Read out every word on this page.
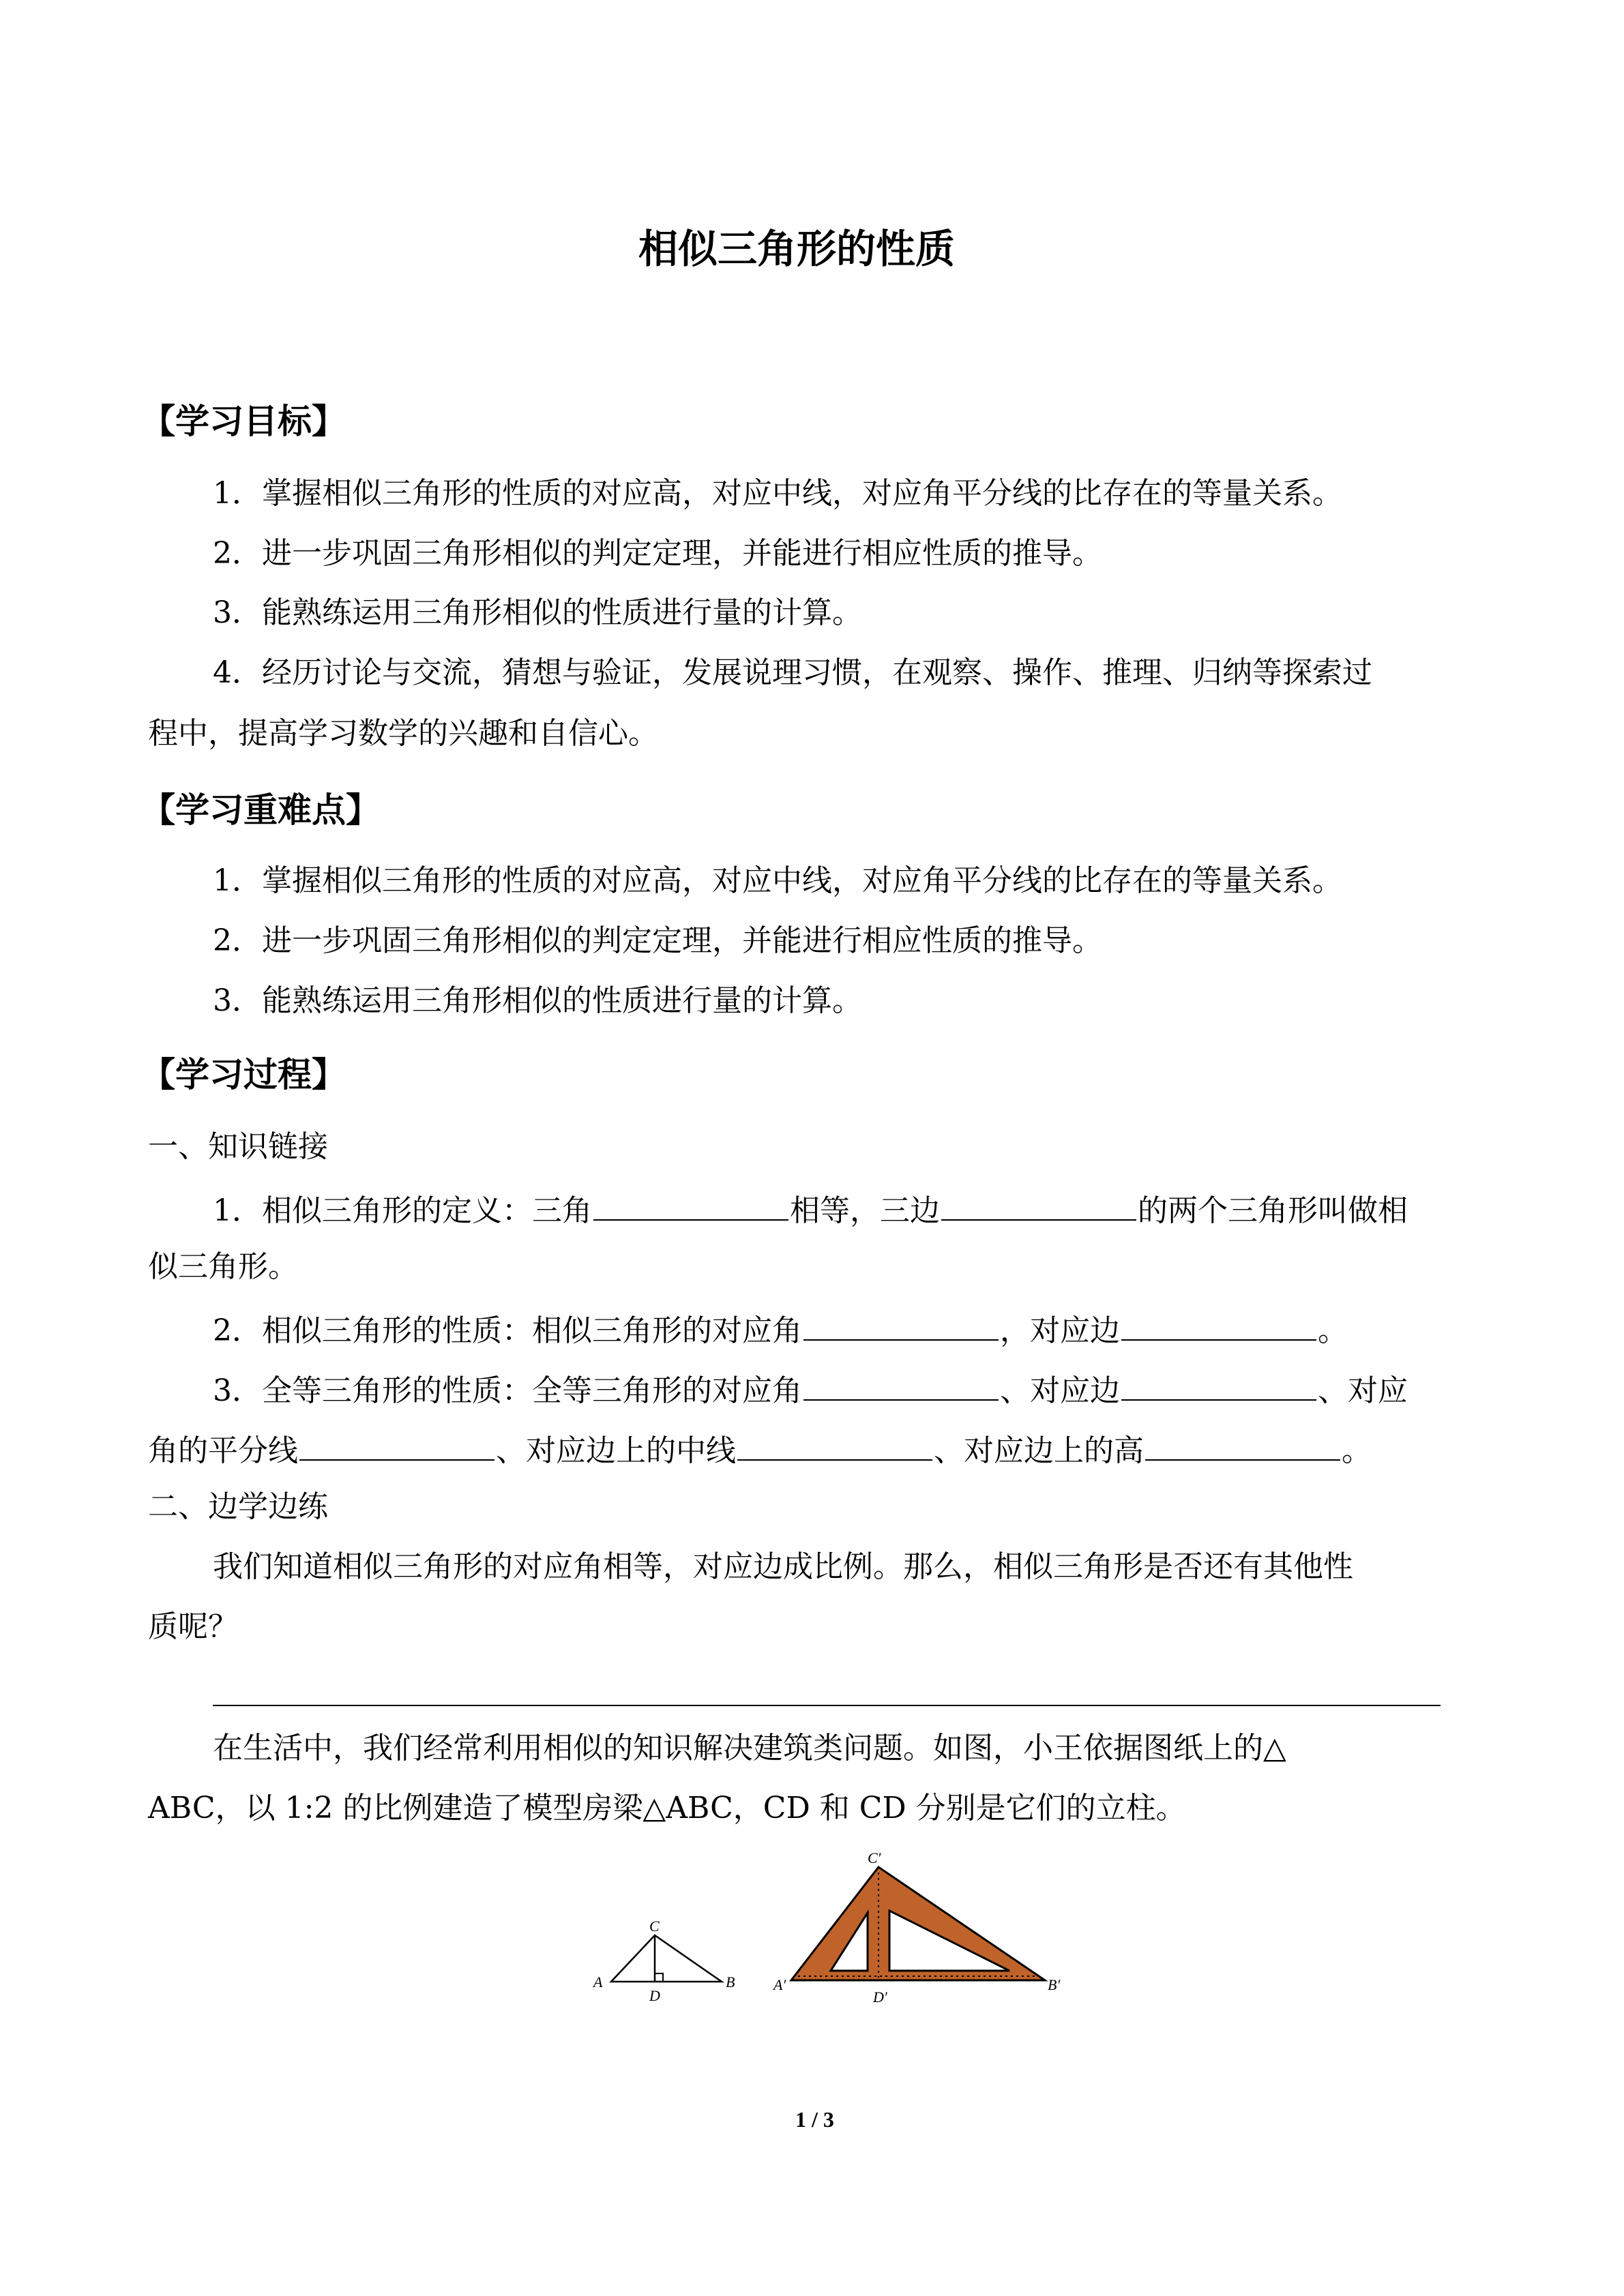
相似三角形的性质
【学习目标】
1．掌握相似三角形的性质的对应高，对应中线，对应角平分线的比存在的等量关系。
2．进一步巩固三角形相似的判定定理，并能进行相应性质的推导。
3．能熟练运用三角形相似的性质进行量的计算。
4．经历讨论与交流，猜想与验证，发展说理习惯，在观察、操作、推理、归纳等探索过
程中，提高学习数学的兴趣和自信心。
【学习重难点】
1．掌握相似三角形的性质的对应高，对应中线，对应角平分线的比存在的等量关系。
2．进一步巩固三角形相似的判定定理，并能进行相应性质的推导。
3．能熟练运用三角形相似的性质进行量的计算。
【学习过程】
一、知识链接
1．相似三角形的定义：三角	相等，三边	的两个三角形叫做相
似三角形。
2．相似三角形的性质：相似三角形的对应角	，对应边	。
3．全等三角形的性质：全等三角形的对应角	、对应边	、对应
角的平分线	、对应边上的中线	、对应边上的高	。
二、边学边练
我们知道相似三角形的对应角相等，对应边成比例。那么，相似三角形是否还有其他性
质呢？
在生活中，我们经常利用相似的知识解决建筑类问题。如图，小王依据图纸上的△
ABC，以 1:2 的比例建造了模型房梁△ABC，CD 和 CD 分别是它们的立柱。
A	B
C
D
A′	B′
C′
D′
1 / 3
